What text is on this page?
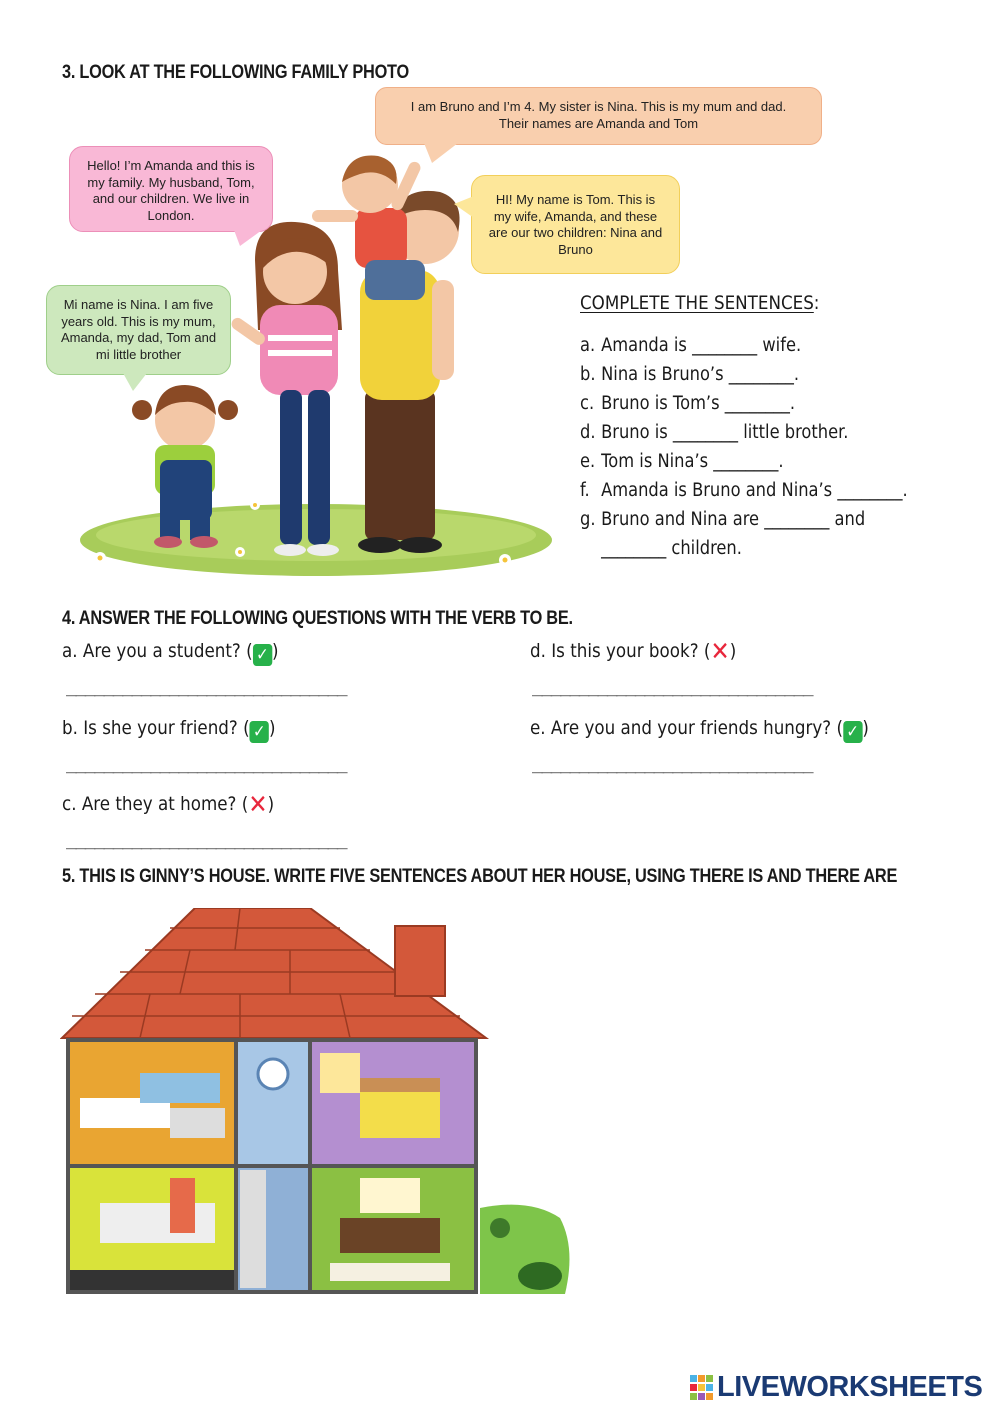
3. LOOK AT THE FOLLOWING FAMILY PHOTO
I am Bruno and I’m 4. My sister is Nina. This is my mum and dad. Their names are Amanda and Tom
Hello! I’m Amanda and this is my family. My husband, Tom, and our children. We live in London.
HI! My name is Tom. This is my wife, Amanda, and these are our two children: Nina and Bruno
Mi name is Nina. I am five years old. This is my mum, Amanda, my dad, Tom and mi little brother
COMPLETE THE SENTENCES:
a. Amanda is ________ wife.
b. Nina is Bruno’s ________.
c. Bruno is Tom’s ________.
d. Bruno is ________ little brother.
e. Tom is Nina’s ________.
f. Amanda is Bruno and Nina’s ________.
g. Bruno and Nina are ________ and
________ children.
4. ANSWER THE FOLLOWING QUESTIONS WITH THE VERB TO BE.
a. Are you a student? ( ✓ )
______________________________
b. Is she your friend? ( ✓ )
______________________________
c. Are they at home? (✕)
______________________________
d. Is this your book? (✕)
______________________________
e. Are you and your friends hungry? ( ✓ )
______________________________
5. THIS IS GINNY’S HOUSE. WRITE FIVE SENTENCES ABOUT HER HOUSE, USING THERE IS AND THERE ARE
LIVEWORKSHEETS
